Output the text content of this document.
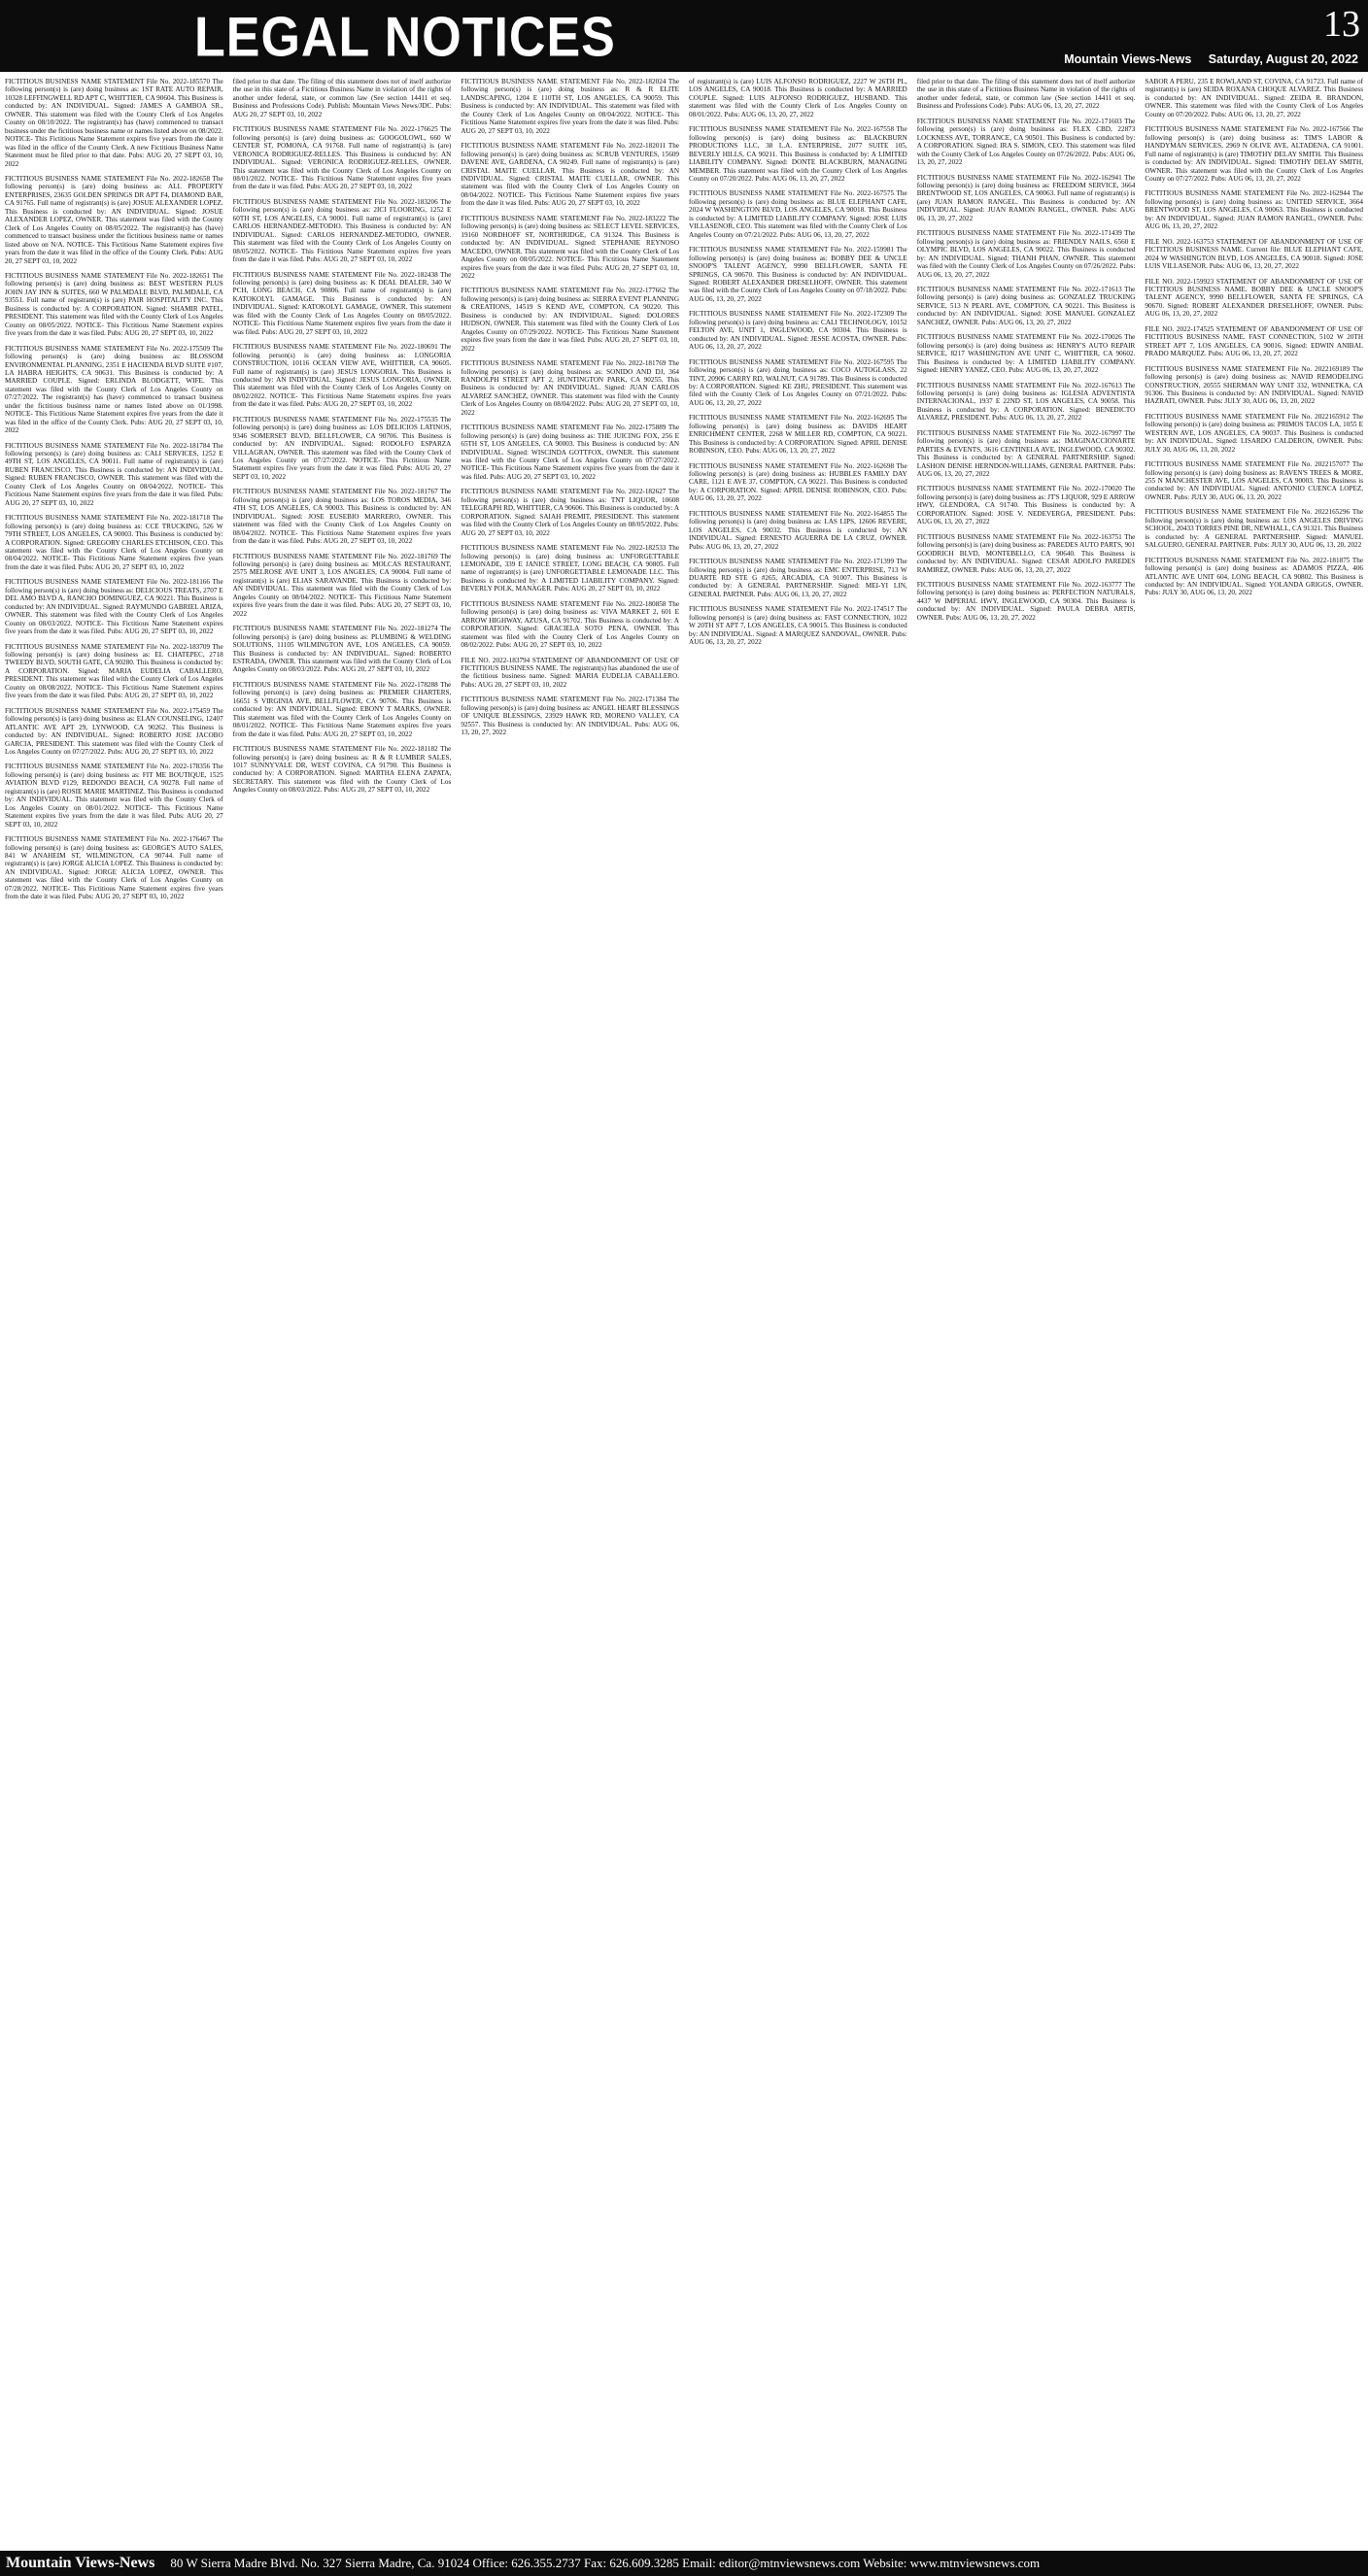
LEGAL NOTICES	13
Mountain Views-News Saturday, August 20, 2022

FICTITIOUS BUSINESS NAME STATEMENT File No. 2022-185570 The following person(s) is (are) doing business as: 1ST RATE AUTO REPAIR, 10328 LEFFINGWELL RD APT C, WHITTIER, CA 90604. This Business is conducted by: AN INDIVIDUAL. Signed: JAMES A GAMBOA SR., OWNER. This statement was filed with the County Clerk of Los Angeles County on 08/10/2022. The registrant(s) has (have) commenced to transact business under the fictitious business name or names listed above on 08/2022. NOTICE- This Fictitious Name Statement expires five years from the date it was filed in the office of the County Clerk. A new Fictitious Business Name Statement must be filed prior to that date. Pubs: AUG 20, 27 SEPT 03, 10, 2022

FICTITIOUS BUSINESS NAME STATEMENT File No. 2022-182658 The following person(s) is (are) doing business as: ALL PROPERTY ENTERPRISES, 23635 GOLDEN SPRINGS DR APT F4, DIAMOND BAR, CA 91765. Full name of registrant(s) is (are) JOSUE ALEXANDER LOPEZ. This Business is conducted by: AN INDIVIDUAL. Signed: JOSUE ALEXANDER LOPEZ, OWNER. This statement was filed with the County Clerk of Los Angeles County on 08/05/2022. The registrant(s) has (have) commenced to transact business under the fictitious business name or names listed above on N/A. NOTICE- This Fictitious Name Statement expires five years from the date it was filed in the office of the County Clerk. Pubs: AUG 20, 27 SEPT 03, 10, 2022

FICTITIOUS BUSINESS NAME STATEMENT File No. 2022-182651 The following person(s) is (are) doing business as: BEST WESTERN PLUS JOHN JAY INN & SUITES, 660 W PALMDALE BLVD, PALMDALE, CA 93551. Full name of registrant(s) is (are) PAIR HOSPITALITY INC. This Business is conducted by: A CORPORATION. Signed: SHAMIR PATEL, PRESIDENT. This statement was filed with the County Clerk of Los Angeles County on 08/05/2022. NOTICE- This Fictitious Name Statement expires five years from the date it was filed. Pubs: AUG 20, 27 SEPT 03, 10, 2022

FICTITIOUS BUSINESS NAME STATEMENT File No. 2022-175509 The following person(s) is (are) doing business as: BLOSSOM ENVIRONMENTAL PLANNING, 2351 E HACIENDA BLVD SUITE #107, LA HABRA HEIGHTS, CA 90631. This Business is conducted by: A MARRIED COUPLE. Signed: ERLINDA BLODGETT, WIFE. This statement was filed with the County Clerk of Los Angeles County on 07/27/2022. The registrant(s) has (have) commenced to transact business under the fictitious business name or names listed above on 01/1998. NOTICE- This Fictitious Name Statement expires five years from the date it was filed in the office of the County Clerk. Pubs: AUG 20, 27 SEPT 03, 10, 2022

FICTITIOUS BUSINESS NAME STATEMENT File No. 2022-181784 The following person(s) is (are) doing business as: CALI SERVICES, 1252 E 49TH ST, LOS ANGELES, CA 90011. Full name of registrant(s) is (are) RUBEN FRANCISCO. This Business is conducted by: AN INDIVIDUAL. Signed: RUBEN FRANCISCO, OWNER. This statement was filed with the County Clerk of Los Angeles County on 08/04/2022. NOTICE- This Fictitious Name Statement expires five years from the date it was filed. Pubs: AUG 20, 27 SEPT 03, 10, 2022

FICTITIOUS BUSINESS NAME STATEMENT File No. 2022-181718 The following person(s) is (are) doing business as: CCE TRUCKING, 526 W 79TH STREET, LOS ANGELES, CA 90003. This Business is conducted by: A CORPORATION. Signed: GREGORY CHARLES ETCHISON, CEO. This statement was filed with the County Clerk of Los Angeles County on 08/04/2022. NOTICE- This Fictitious Name Statement expires five years from the date it was filed. Pubs: AUG 20, 27 SEPT 03, 10, 2022

FICTITIOUS BUSINESS NAME STATEMENT File No. 2022-181166 The following person(s) is (are) doing business as: DELICIOUS TREATS, 2707 E DEL AMO BLVD A, RANCHO DOMINGUEZ, CA 90221. This Business is conducted by: AN INDIVIDUAL. Signed: RAYMUNDO GABRIEL ARIZA, OWNER. This statement was filed with the County Clerk of Los Angeles County on 08/03/2022. NOTICE- This Fictitious Name Statement expires five years from the date it was filed. Pubs: AUG 20, 27 SEPT 03, 10, 2022

FICTITIOUS BUSINESS NAME STATEMENT File No. 2022-183709 The following person(s) is (are) doing business as: EL CHATEPEC, 2718 TWEEDY BLVD, SOUTH GATE, CA 90280. This Business is conducted by: A CORPORATION. Signed: MARIA EUDELIA CABALLERO, PRESIDENT. This statement was filed with the County Clerk of Los Angeles County on 08/08/2022. NOTICE- This Fictitious Name Statement expires five years from the date it was filed. Pubs: AUG 20, 27 SEPT 03, 10, 2022

FICTITIOUS BUSINESS NAME STATEMENT File No. 2022-175459 The following person(s) is (are) doing business as: ELAN COUNSELING, 12407 ATLANTIC AVE APT 29, LYNWOOD, CA 90262. This Business is conducted by: AN INDIVIDUAL. Signed: ROBERTO JOSE JACOBO GARCIA, PRESIDENT. This statement was filed with the County Clerk of Los Angeles County on 07/27/2022. Pubs: AUG 20, 27 SEPT 03, 10, 2022

FICTITIOUS BUSINESS NAME STATEMENT File No. 2022-178356 The following person(s) is (are) doing business as: FIT ME BOUTIQUE, 1525 AVIATION BLVD #129, REDONDO BEACH, CA 90278. Full name of registrant(s) is (are) ROSIE MARIE MARTINEZ. This Business is conducted by: AN INDIVIDUAL. This statement was filed with the County Clerk of Los Angeles County on 08/01/2022. NOTICE- This Fictitious Name Statement expires five years from the date it was filed. Pubs: AUG 20, 27 SEPT 03, 10, 2022

FICTITIOUS BUSINESS NAME STATEMENT File No. 2022-176467 The following person(s) is (are) doing business as: GEORGE'S AUTO SALES, 841 W ANAHEIM ST, WILMINGTON, CA 90744. Full name of registrant(s) is (are) JORGE ALICIA LOPEZ. This Business is conducted by: AN INDIVIDUAL. Signed: JORGE ALICIA LOPEZ, OWNER. This statement was filed with the County Clerk of Los Angeles County on 07/28/2022. NOTICE- This Fictitious Name Statement expires five years from the date it was filed. Pubs: AUG 20, 27 SEPT 03, 10, 2022

filed prior to that date. The filing of this statement does not of itself authorize the use in this state of a Fictitious Business Name in violation of the rights of another under federal, state, or common law (See section 14411 et seq. Business and Professions Code). Publish: Mountain Views News/JDC. Pubs: AUG 20, 27 SEPT 03, 10, 2022

FICTITIOUS BUSINESS NAME STATEMENT File No. 2022-176625 The following person(s) is (are) doing business as: GOOGOLOWL, 660 W CENTER ST, POMONA, CA 91768. Full name of registrant(s) is (are) VERONICA RODRIGUEZ-RELLES. This Business is conducted by: AN INDIVIDUAL. Signed: VERONICA RODRIGUEZ-RELLES, OWNER. This statement was filed with the County Clerk of Los Angeles County on 08/01/2022. NOTICE- This Fictitious Name Statement expires five years from the date it was filed. Pubs: AUG 20, 27 SEPT 03, 10, 2022

FICTITIOUS BUSINESS NAME STATEMENT File No. 2022-183206 The following person(s) is (are) doing business as: 2ICI FLOORING, 1252 E 60TH ST, LOS ANGELES, CA 90001. Full name of registrant(s) is (are) CARLOS HERNANDEZ-METODIO. This Business is conducted by: AN INDIVIDUAL. Signed: CARLOS HERNANDEZ-METODIO, OWNER. This statement was filed with the County Clerk of Los Angeles County on 08/05/2022. NOTICE- This Fictitious Name Statement expires five years from the date it was filed. Pubs: AUG 20, 27 SEPT 03, 10, 2022

FICTITIOUS BUSINESS NAME STATEMENT File No. 2022-182438 The following person(s) is (are) doing business as: K DEAL DEALER, 340 W PCH, LONG BEACH, CA 90806. Full name of registrant(s) is (are) KATOKOLYL GAMAGE. This Business is conducted by: AN INDIVIDUAL. Signed: KATOKOLYL GAMAGE, OWNER. This statement was filed with the County Clerk of Los Angeles County on 08/05/2022. NOTICE- This Fictitious Name Statement expires five years from the date it was filed. Pubs: AUG 20, 27 SEPT 03, 10, 2022

FICTITIOUS BUSINESS NAME STATEMENT File No. 2022-180691 The following person(s) is (are) doing business as: LONGORIA CONSTRUCTION, 10116 OCEAN VIEW AVE, WHITTIER, CA 90605. Full name of registrant(s) is (are) JESUS LONGORIA. This Business is conducted by: AN INDIVIDUAL. Signed: JESUS LONGORIA, OWNER. This statement was filed with the County Clerk of Los Angeles County on 08/02/2022. NOTICE- This Fictitious Name Statement expires five years from the date it was filed. Pubs: AUG 20, 27 SEPT 03, 10, 2022

FICTITIOUS BUSINESS NAME STATEMENT File No. 2022-175535 The following person(s) is (are) doing business as: LOS DELICIOS LATINOS, 9346 SOMERSET BLVD, BELLFLOWER, CA 90706. This Business is conducted by: AN INDIVIDUAL. Signed: RODOLFO ESPARZA VILLAGRAN, OWNER. This statement was filed with the County Clerk of Los Angeles County on 07/27/2022. NOTICE- This Fictitious Name Statement expires five years from the date it was filed. Pubs: AUG 20, 27 SEPT 03, 10, 2022

FICTITIOUS BUSINESS NAME STATEMENT File No. 2022-181767 The following person(s) is (are) doing business as: LOS TOROS MEDIA, 346 4TH ST, LOS ANGELES, CA 90003. This Business is conducted by: AN INDIVIDUAL. Signed: JOSE EUSEBIO MARRERO, OWNER. This statement was filed with the County Clerk of Los Angeles County on 08/04/2022. NOTICE- This Fictitious Name Statement expires five years from the date it was filed. Pubs: AUG 20, 27 SEPT 03, 10, 2022

FICTITIOUS BUSINESS NAME STATEMENT File No. 2022-181769 The following person(s) is (are) doing business as: MOLCAS RESTAURANT, 2575 MELROSE AVE UNIT 3, LOS ANGELES, CA 90004. Full name of registrant(s) is (are) ELIAS SARAVANDE. This Business is conducted by: AN INDIVIDUAL. This statement was filed with the County Clerk of Los Angeles County on 08/04/2022. NOTICE- This Fictitious Name Statement expires five years from the date it was filed. Pubs: AUG 20, 27 SEPT 03, 10, 2022

FICTITIOUS BUSINESS NAME STATEMENT File No. 2022-181274 The following person(s) is (are) doing business as: PLUMBING & WELDING SOLUTIONS, 11105 WILMINGTON AVE, LOS ANGELES, CA 90059. This Business is conducted by: AN INDIVIDUAL. Signed: ROBERTO ESTRADA, OWNER. This statement was filed with the County Clerk of Los Angeles County on 08/03/2022. Pubs: AUG 20, 27 SEPT 03, 10, 2022

FICTITIOUS BUSINESS NAME STATEMENT File No. 2022-178288 The following person(s) is (are) doing business as: PREMIER CHARTERS, 16651 S VIRGINIA AVE, BELLFLOWER, CA 90706. This Business is conducted by: AN INDIVIDUAL. Signed: EBONY T MARKS, OWNER. This statement was filed with the County Clerk of Los Angeles County on 08/01/2022. NOTICE- This Fictitious Name Statement expires five years from the date it was filed. Pubs: AUG 20, 27 SEPT 03, 10, 2022

FICTITIOUS BUSINESS NAME STATEMENT File No. 2022-181182 The following person(s) is (are) doing business as: R & R LUMBER SALES, 1017 SUNNYVALE DR, WEST COVINA, CA 91790. This Business is conducted by: A CORPORATION. Signed: MARTHA ELENA ZAPATA, SECRETARY. This statement was filed with the County Clerk of Los Angeles County on 08/03/2022. Pubs: AUG 20, 27 SEPT 03, 10, 2022

FICTITIOUS BUSINESS NAME STATEMENT File No. 2022-182024 The following person(s) is (are) doing business as: R & R ELITE LANDSCAPING, 1204 E 110TH ST, LOS ANGELES, CA 90059. This Business is conducted by: AN INDIVIDUAL. This statement was filed with the County Clerk of Los Angeles County on 08/04/2022. NOTICE- This Fictitious Name Statement expires five years from the date it was filed. Pubs: AUG 20, 27 SEPT 03, 10, 2022

FICTITIOUS BUSINESS NAME STATEMENT File No. 2022-182011 The following person(s) is (are) doing business as: SCRUB VENTURES, 15609 DAVENE AVE, GARDENA, CA 90249. Full name of registrant(s) is (are) CRISTAL MAITE CUELLAR. This Business is conducted by: AN INDIVIDUAL. Signed: CRISTAL MAITE CUELLAR, OWNER. This statement was filed with the County Clerk of Los Angeles County on 08/04/2022. NOTICE- This Fictitious Name Statement expires five years from the date it was filed. Pubs: AUG 20, 27 SEPT 03, 10, 2022

FICTITIOUS BUSINESS NAME STATEMENT File No. 2022-183222 The following person(s) is (are) doing business as: SELECT LEVEL SERVICES, 19160 NORDHOFF ST, NORTHRIDGE, CA 91324. This Business is conducted by: AN INDIVIDUAL. Signed: STEPHANIE REYNOSO MACEDO, OWNER. This statement was filed with the County Clerk of Los Angeles County on 08/05/2022. NOTICE- This Fictitious Name Statement expires five years from the date it was filed. Pubs: AUG 20, 27 SEPT 03, 10, 2022

FICTITIOUS BUSINESS NAME STATEMENT File No. 2022-177662 The following person(s) is (are) doing business as: SIERRA EVENT PLANNING & CREATIONS, 14519 S KEND AVE, COMPTON, CA 90220. This Business is conducted by: AN INDIVIDUAL. Signed: DOLORES HUDSON, OWNER. This statement was filed with the County Clerk of Los Angeles County on 07/29/2022. NOTICE- This Fictitious Name Statement expires five years from the date it was filed. Pubs: AUG 20, 27 SEPT 03, 10, 2022

FICTITIOUS BUSINESS NAME STATEMENT File No. 2022-181769 The following person(s) is (are) doing business as: SONIDO AND DJ, 364 RANDOLPH STREET APT 2, HUNTINGTON PARK, CA 90255. This Business is conducted by: AN INDIVIDUAL. Signed: JUAN CARLOS ALVAREZ SANCHEZ, OWNER. This statement was filed with the County Clerk of Los Angeles County on 08/04/2022. Pubs: AUG 20, 27 SEPT 03, 10, 2022

FICTITIOUS BUSINESS NAME STATEMENT File No. 2022-175889 The following person(s) is (are) doing business as: THE JUICING FOX, 256 E 65TH ST, LOS ANGELES, CA 90003. This Business is conducted by: AN INDIVIDUAL. Signed: WISCINDA GOTTFOX, OWNER. This statement was filed with the County Clerk of Los Angeles County on 07/27/2022. NOTICE- This Fictitious Name Statement expires five years from the date it was filed. Pubs: AUG 20, 27 SEPT 03, 10, 2022

FICTITIOUS BUSINESS NAME STATEMENT File No. 2022-182627 The following person(s) is (are) doing business as: TNT LIQUOR, 10608 TELEGRAPH RD, WHITTIER, CA 90606. This Business is conducted by: A CORPORATION. Signed: SAIAH PREMIT, PRESIDENT. This statement was filed with the County Clerk of Los Angeles County on 08/05/2022. Pubs: AUG 20, 27 SEPT 03, 10, 2022

FICTITIOUS BUSINESS NAME STATEMENT File No. 2022-182533 The following person(s) is (are) doing business as: UNFORGETTABLE LEMONADE, 339 E JANICE STREET, LONG BEACH, CA 90805. Full name of registrant(s) is (are) UNFORGETTABLE LEMONADE LLC. This Business is conducted by: A LIMITED LIABILITY COMPANY. Signed: BEVERLY POLK, MANAGER. Pubs: AUG 20, 27 SEPT 03, 10, 2022

FICTITIOUS BUSINESS NAME STATEMENT File No. 2022-180858 The following person(s) is (are) doing business as: VIVA MARKET 2, 601 E ARROW HIGHWAY, AZUSA, CA 91702. This Business is conducted by: A CORPORATION. Signed: GRACIELA SOTO PENA, OWNER. This statement was filed with the County Clerk of Los Angeles County on 08/02/2022. Pubs: AUG 20, 27 SEPT 03, 10, 2022

FILE NO. 2022-183794 STATEMENT OF ABANDONMENT OF USE OF FICTITIOUS BUSINESS NAME. The registrant(s) has abandoned the use of the fictitious business name. Signed: MARIA EUDELIA CABALLERO. Pubs: AUG 20, 27 SEPT 03, 10, 2022

FICTITIOUS BUSINESS NAME STATEMENT File No. 2022-171384 The following person(s) is (are) doing business as: ANGEL HEART BLESSINGS OF UNIQUE BLESSINGS, 23929 HAWK RD, MORENO VALLEY, CA 92557. This Business is conducted by: AN INDIVIDUAL. Pubs: AUG 06, 13, 20, 27, 2022

of registrant(s) is (are) LUIS ALFONSO RODRIGUEZ, 2227 W 26TH PL, LOS ANGELES, CA 90018. This Business is conducted by: A MARRIED COUPLE. Signed: LUIS ALFONSO RODRIGUEZ, HUSBAND. This statement was filed with the County Clerk of Los Angeles County on 08/01/2022. Pubs: AUG 06, 13, 20, 27, 2022

FICTITIOUS BUSINESS NAME STATEMENT File No. 2022-167558 The following person(s) is (are) doing business as: BLACKBURN PRODUCTIONS LLC, 38 L.A. ENTERPRISE, 2077 SUITE 105, BEVERLY HILLS, CA 90211. This Business is conducted by: A LIMITED LIABILITY COMPANY. Signed: DONTE BLACKBURN, MANAGING MEMBER. This statement was filed with the County Clerk of Los Angeles County on 07/20/2022. Pubs: AUG 06, 13, 20, 27, 2022

FICTITIOUS BUSINESS NAME STATEMENT File No. 2022-167575 The following person(s) is (are) doing business as: BLUE ELEPHANT CAFE, 2024 W WASHINGTON BLVD, LOS ANGELES, CA 90018. This Business is conducted by: A LIMITED LIABILITY COMPANY. Signed: JOSE LUIS VILLASENOR, CEO. This statement was filed with the County Clerk of Los Angeles County on 07/21/2022. Pubs: AUG 06, 13, 20, 27, 2022

FICTITIOUS BUSINESS NAME STATEMENT File No. 2022-159981 The following person(s) is (are) doing business as: BOBBY DEE & UNCLE SNOOP'S TALENT AGENCY, 9990 BELLFLOWER, SANTA FE SPRINGS, CA 90670. This Business is conducted by: AN INDIVIDUAL. Signed: ROBERT ALEXANDER DRESELHOFF, OWNER. This statement was filed with the County Clerk of Los Angeles County on 07/18/2022. Pubs: AUG 06, 13, 20, 27, 2022

FICTITIOUS BUSINESS NAME STATEMENT File No. 2022-172309 The following person(s) is (are) doing business as: CALI TECHNOLOGY, 10152 FELTON AVE, UNIT 1, INGLEWOOD, CA 90304. This Business is conducted by: AN INDIVIDUAL. Signed: JESSE ACOSTA, OWNER. Pubs: AUG 06, 13, 20, 27, 2022

FICTITIOUS BUSINESS NAME STATEMENT File No. 2022-167595 The following person(s) is (are) doing business as: COCO AUTOGLASS, 22 TINT, 20906 CARRY RD, WALNUT, CA 91789. This Business is conducted by: A CORPORATION. Signed: KE ZHU, PRESIDENT. This statement was filed with the County Clerk of Los Angeles County on 07/21/2022. Pubs: AUG 06, 13, 20, 27, 2022

FICTITIOUS BUSINESS NAME STATEMENT File No. 2022-162695 The following person(s) is (are) doing business as: DAVIDS HEART ENRICHMENT CENTER, 2268 W MILLER RD, COMPTON, CA 90221. This Business is conducted by: A CORPORATION. Signed: APRIL DENISE ROBINSON, CEO. Pubs: AUG 06, 13, 20, 27, 2022

FICTITIOUS BUSINESS NAME STATEMENT File No. 2022-162698 The following person(s) is (are) doing business as: HUBBLES FAMILY DAY CARE, 1121 E AVE 37, COMPTON, CA 90221. This Business is conducted by: A CORPORATION. Signed: APRIL DENISE ROBINSON, CEO. Pubs: AUG 06, 13, 20, 27, 2022

FICTITIOUS BUSINESS NAME STATEMENT File No. 2022-164855 The following person(s) is (are) doing business as: LAS LIPS, 12606 REVERE, LOS ANGELES, CA 90032. This Business is conducted by: AN INDIVIDUAL. Signed: ERNESTO AGUERRA DE LA CRUZ, OWNER. Pubs: AUG 06, 13, 20, 27, 2022

FICTITIOUS BUSINESS NAME STATEMENT File No. 2022-171399 The following person(s) is (are) doing business as: EMC ENTERPRISE, 713 W DUARTE RD STE G #265, ARCADIA, CA 91007. This Business is conducted by: A GENERAL PARTNERSHIP. Signed: MEI-YI LIN, GENERAL PARTNER. Pubs: AUG 06, 13, 20, 27, 2022

FICTITIOUS BUSINESS NAME STATEMENT File No. 2022-174517 The following person(s) is (are) doing business as: FAST CONNECTION, 1022 W 20TH ST APT 7, LOS ANGELES, CA 90015. This Business is conducted by: AN INDIVIDUAL. Signed: A MARQUEZ SANDOVAL, OWNER. Pubs: AUG 06, 13, 20, 27, 2022

filed prior to that date. The filing of this statement does not of itself authorize the use in this state of a Fictitious Business Name in violation of the rights of another under federal, state, or common law (See section 14411 et seq. Business and Professions Code). Pubs: AUG 06, 13, 20, 27, 2022

FICTITIOUS BUSINESS NAME STATEMENT File No. 2022-171603 The following person(s) is (are) doing business as: FLEX CBD, 22873 LOCKNESS AVE, TORRANCE, CA 90501. This Business is conducted by: A CORPORATION. Signed: IRA S. SIMON, CEO. This statement was filed with the County Clerk of Los Angeles County on 07/26/2022. Pubs: AUG 06, 13, 20, 27, 2022

FICTITIOUS BUSINESS NAME STATEMENT File No. 2022-162941 The following person(s) is (are) doing business as: FREEDOM SERVICE, 3664 BRENTWOOD ST, LOS ANGELES, CA 90063. Full name of registrant(s) is (are) JUAN RAMON RANGEL. This Business is conducted by: AN INDIVIDUAL. Signed: JUAN RAMON RANGEL, OWNER. Pubs: AUG 06, 13, 20, 27, 2022

FICTITIOUS BUSINESS NAME STATEMENT File No. 2022-171439 The following person(s) is (are) doing business as: FRIENDLY NAILS, 6560 E OLYMPIC BLVD, LOS ANGELES, CA 90022. This Business is conducted by: AN INDIVIDUAL. Signed: THANH PHAN, OWNER. This statement was filed with the County Clerk of Los Angeles County on 07/26/2022. Pubs: AUG 06, 13, 20, 27, 2022

FICTITIOUS BUSINESS NAME STATEMENT File No. 2022-171613 The following person(s) is (are) doing business as: GONZALEZ TRUCKING SERVICE, 513 N PEARL AVE, COMPTON, CA 90221. This Business is conducted by: AN INDIVIDUAL. Signed: JOSE MANUEL GONZALEZ SANCHEZ, OWNER. Pubs: AUG 06, 13, 20, 27, 2022

FICTITIOUS BUSINESS NAME STATEMENT File No. 2022-170026 The following person(s) is (are) doing business as: HENRY'S AUTO REPAIR SERVICE, 8217 WASHINGTON AVE UNIT C, WHITTIER, CA 90602. This Business is conducted by: A LIMITED LIABILITY COMPANY. Signed: HENRY YANEZ, CEO. Pubs: AUG 06, 13, 20, 27, 2022

FICTITIOUS BUSINESS NAME STATEMENT File No. 2022-167613 The following person(s) is (are) doing business as: IGLESIA ADVENTISTA INTERNACIONAL, 1937 E 22ND ST, LOS ANGELES, CA 90058. This Business is conducted by: A CORPORATION. Signed: BENEDICTO ALVAREZ, PRESIDENT. Pubs: AUG 06, 13, 20, 27, 2022

FICTITIOUS BUSINESS NAME STATEMENT File No. 2022-167997 The following person(s) is (are) doing business as: IMAGINACCIONARTE PARTIES & EVENTS, 3616 CENTINELA AVE, INGLEWOOD, CA 90302. This Business is conducted by: A GENERAL PARTNERSHIP. Signed: LASHON DENISE HERNDON-WILLIAMS, GENERAL PARTNER. Pubs: AUG 06, 13, 20, 27, 2022

FICTITIOUS BUSINESS NAME STATEMENT File No. 2022-170020 The following person(s) is (are) doing business as: JT'S LIQUOR, 929 E ARROW HWY, GLENDORA, CA 91740. This Business is conducted by: A CORPORATION. Signed: JOSE V. NEDEVERGA, PRESIDENT. Pubs: AUG 06, 13, 20, 27, 2022

FICTITIOUS BUSINESS NAME STATEMENT File No. 2022-163751 The following person(s) is (are) doing business as: PAREDES AUTO PARTS, 901 GOODRICH BLVD, MONTEBELLO, CA 90640. This Business is conducted by: AN INDIVIDUAL. Signed: CESAR ADOLFO PAREDES RAMIREZ, OWNER. Pubs: AUG 06, 13, 20, 27, 2022

FICTITIOUS BUSINESS NAME STATEMENT File No. 2022-163777 The following person(s) is (are) doing business as: PERFECTION NATURALS, 4437 W IMPERIAL HWY, INGLEWOOD, CA 90304. This Business is conducted by: AN INDIVIDUAL. Signed: PAULA DEBRA ARTIS, OWNER. Pubs: AUG 06, 13, 20, 27, 2022

SABOR A PERU, 235 E ROWLAND ST, COVINA, CA 91723. Full name of registrant(s) is (are) SEIDA ROXANA CHOQUE ALVAREZ. This Business is conducted by: AN INDIVIDUAL. Signed: ZEIDA R. BRANDON, OWNER. This statement was filed with the County Clerk of Los Angeles County on 07/20/2022. Pubs: AUG 06, 13, 20, 27, 2022

FICTITIOUS BUSINESS NAME STATEMENT File No. 2022-167566 The following person(s) is (are) doing business as: TIM'S LABOR & HANDYMAN SERVICES, 2969 N OLIVE AVE, ALTADENA, CA 91001. Full name of registrant(s) is (are) TIMOTHY DELAY SMITH. This Business is conducted by: AN INDIVIDUAL. Signed: TIMOTHY DELAY SMITH, OWNER. This statement was filed with the County Clerk of Los Angeles County on 07/27/2022. Pubs: AUG 06, 13, 20, 27, 2022

FICTITIOUS BUSINESS NAME STATEMENT File No. 2022-162944 The following person(s) is (are) doing business as: UNITED SERVICE, 3664 BRENTWOOD ST, LOS ANGELES, CA 90063. This Business is conducted by: AN INDIVIDUAL. Signed: JUAN RAMON RANGEL, OWNER. Pubs: AUG 06, 13, 20, 27, 2022

FILE NO. 2022-163753 STATEMENT OF ABANDONMENT OF USE OF FICTITIOUS BUSINESS NAME. Current file: BLUE ELEPHANT CAFE, 2024 W WASHINGTON BLVD, LOS ANGELES, CA 90018. Signed: JOSE LUIS VILLASENOR. Pubs: AUG 06, 13, 20, 27, 2022

FILE NO. 2022-159923 STATEMENT OF ABANDONMENT OF USE OF FICTITIOUS BUSINESS NAME. BOBBY DEE & UNCLE SNOOP'S TALENT AGENCY, 9990 BELLFLOWER, SANTA FE SPRINGS, CA 90670. Signed: ROBERT ALEXANDER DRESELHOFF, OWNER. Pubs: AUG 06, 13, 20, 27, 2022

FILE NO. 2022-174525 STATEMENT OF ABANDONMENT OF USE OF FICTITIOUS BUSINESS NAME. FAST CONNECTION, 5102 W 20TH STREET APT 7, LOS ANGELES, CA 90016. Signed: EDWIN ANIBAL PRADO MARQUEZ. Pubs: AUG 06, 13, 20, 27, 2022

FICTITIOUS BUSINESS NAME STATEMENT File No. 2022169189 The following person(s) is (are) doing business as: NAVID REMODELING CONSTRUCTION, 20555 SHERMAN WAY UNIT 332, WINNETKA, CA 91306. This Business is conducted by: AN INDIVIDUAL. Signed: NAVID HAZRATI, OWNER. Pubs: JULY 30, AUG 06, 13, 20, 2022

FICTITIOUS BUSINESS NAME STATEMENT File No. 2022165912 The following person(s) is (are) doing business as: PRIMOS TACOS LA, 1055 E WESTERN AVE, LOS ANGELES, CA 90037. This Business is conducted by: AN INDIVIDUAL. Signed: LISARDO CALDERON, OWNER. Pubs: JULY 30, AUG 06, 13, 20, 2022

FICTITIOUS BUSINESS NAME STATEMENT File No. 2022157077 The following person(s) is (are) doing business as: RAVEN'S TREES & MORE, 255 N MANCHESTER AVE, LOS ANGELES, CA 90003. This Business is conducted by: AN INDIVIDUAL. Signed: ANTONIO CUENCA LOPEZ, OWNER. Pubs: JULY 30, AUG 06, 13, 20, 2022

FICTITIOUS BUSINESS NAME STATEMENT File No. 2022165296 The following person(s) is (are) doing business as: LOS ANGELES DRIVING SCHOOL, 20433 TORRES PINE DR, NEWHALL, CA 91321. This Business is conducted by: A GENERAL PARTNERSHIP. Signed: MANUEL SALGUERO, GENERAL PARTNER. Pubs: JULY 30, AUG 06, 13, 20, 2022

FICTITIOUS BUSINESS NAME STATEMENT File No. 2022-181875 The following person(s) is (are) doing business as: ADAMOS PIZZA, 406 ATLANTIC AVE UNIT 604, LONG BEACH, CA 90802. This Business is conducted by: AN INDIVIDUAL. Signed: YOLANDA GRIGGS, OWNER. Pubs: JULY 30, AUG 06, 13, 20, 2022

Mountain Views-News 80 W Sierra Madre Blvd. No. 327 Sierra Madre, Ca. 91024 Office: 626.355.2737 Fax: 626.609.3285 Email: editor@mtnviewsnews.com Website: www.mtnviewsnews.com
